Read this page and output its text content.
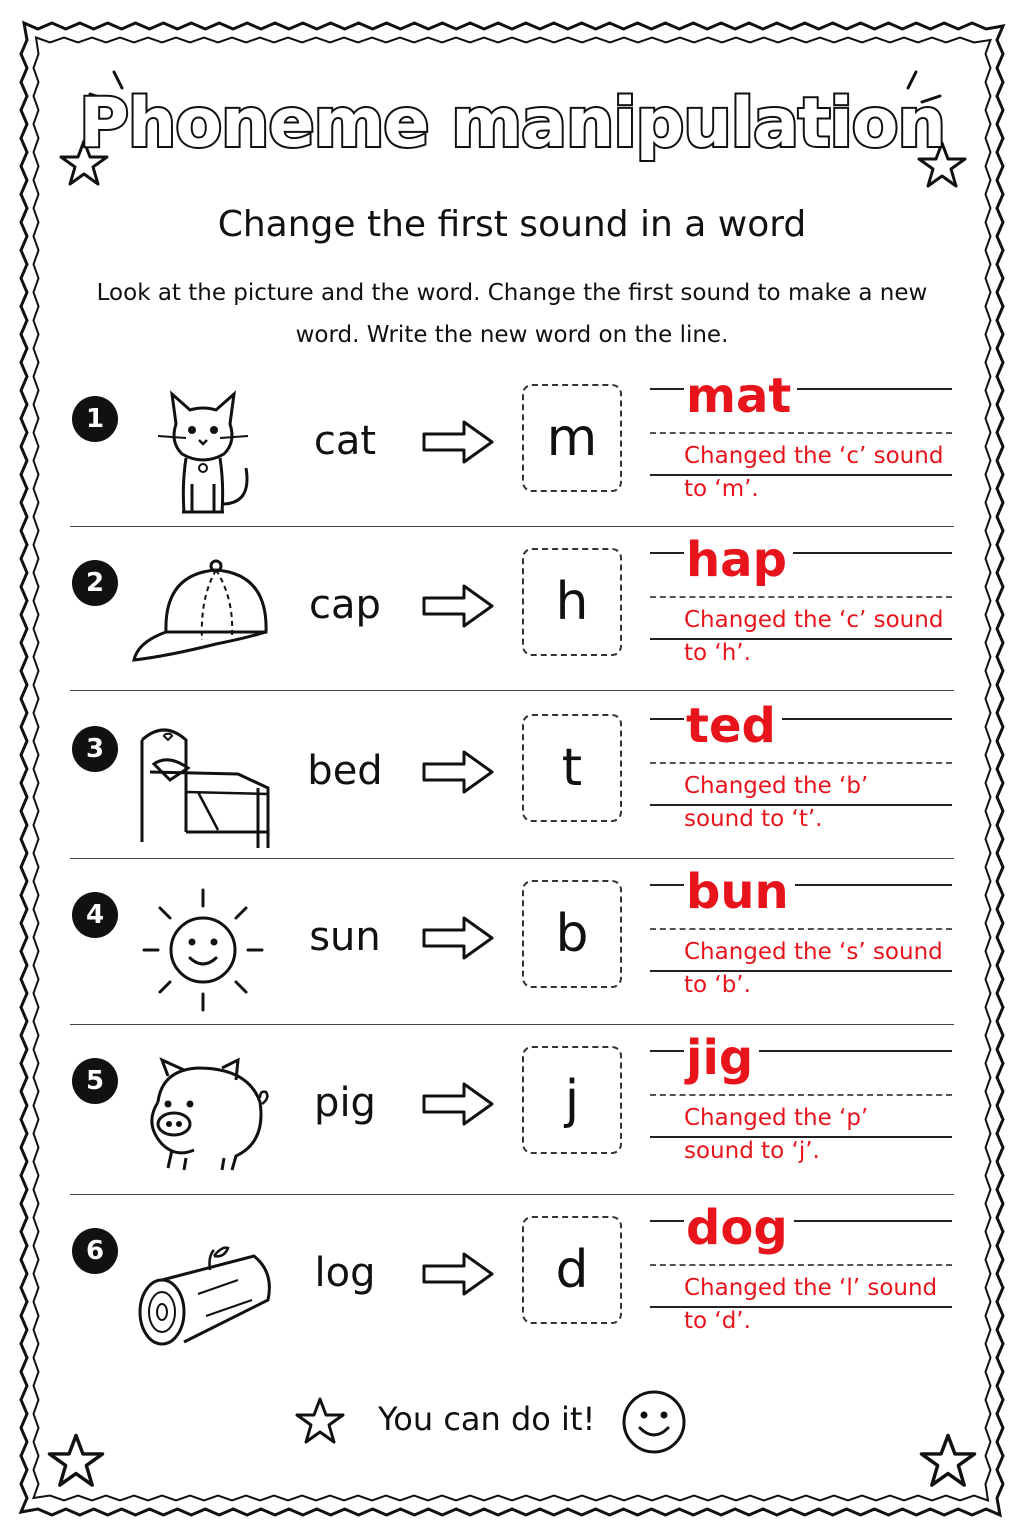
Phoneme manipulation
Change the first sound in a word
Look at the picture and the word. Change the first sound to make a new word. Write the new word on the line.
1	cat	m
mat
Changed the ‘c’ sound to ‘m’.
2	cap	h
hap
Changed the ‘c’ sound to ‘h’.
3	bed	t
ted
Changed the ‘b’ sound to ‘t’.
4	sun	b
bun
Changed the ‘s’ sound to ‘b’.
5	pig	j
jig
Changed the ‘p’ sound to ‘j’.
6	log	d
dog
Changed the ‘l’ sound to ‘d’.
You can do it!
